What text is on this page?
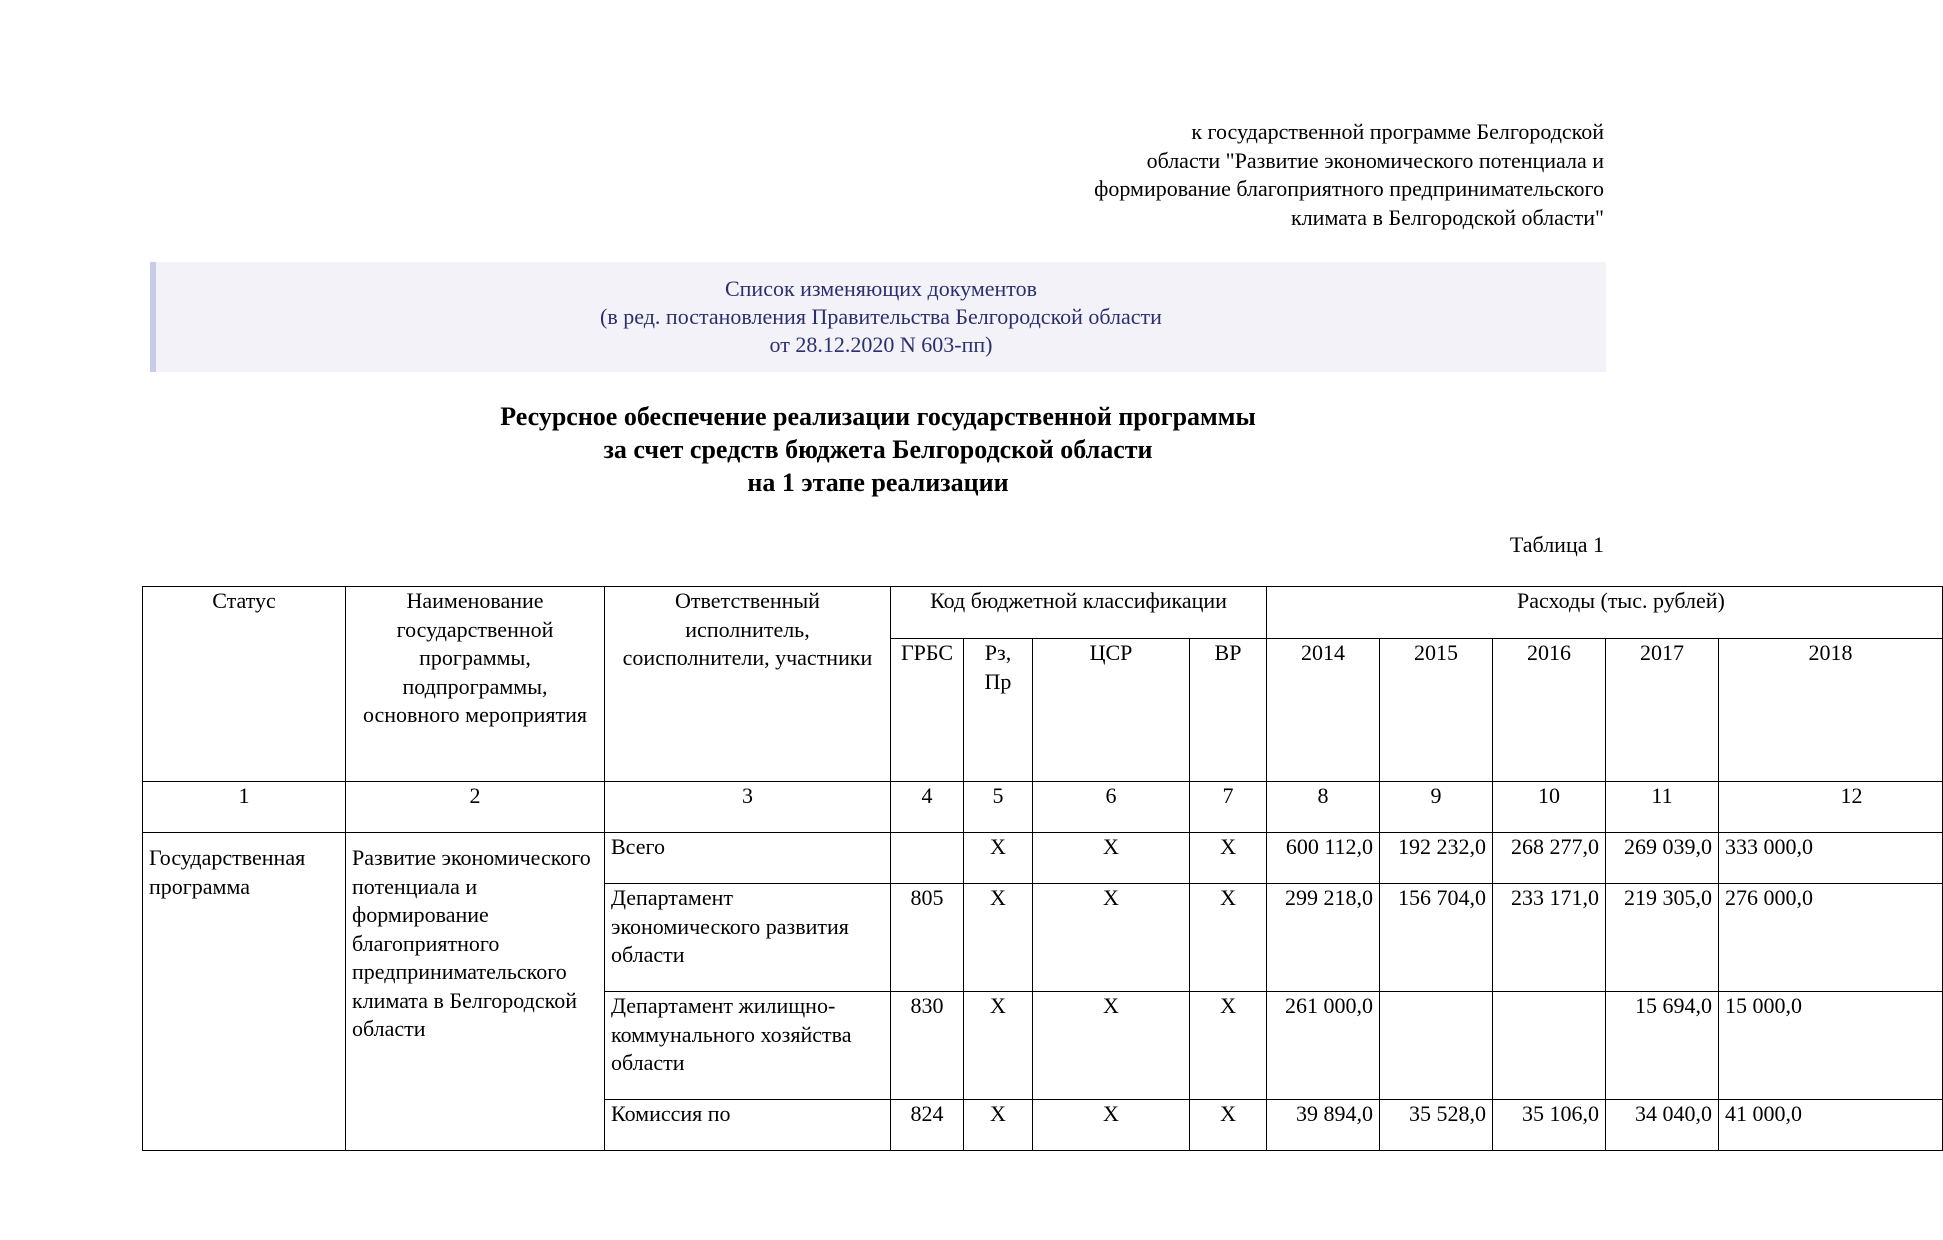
к государственной программе Белгородской
области "Развитие экономического потенциала и
формирование благоприятного предпринимательского
климата в Белгородской области"
Список изменяющих документов
(в ред. постановления Правительства Белгородской области
от 28.12.2020 N 603-пп)
Ресурсное обеспечение реализации государственной программы
за счет средств бюджета Белгородской области
на 1 этапе реализации
Таблица 1
Статус	Наименование государственной программы, подпрограммы, основного мероприятия	Ответственный исполнитель, соисполнители, участники	Код бюджетной классификации				Расходы (тыс. рублей)				
			ГРБС	Рз, Пр	ЦСР	ВР	2014	2015	2016	2017	2018
1	2	3	4	5	6	7	8	9	10	11	12
Государственная программа	Развитие экономического потенциала и формирование благоприятного предпринимательского климата в Белгородской области	Всего		Х	Х	Х	600 112,0	192 232,0	268 277,0	269 039,0	333 000,0
		Департамент экономического развития области	805	Х	Х	Х	299 218,0	156 704,0	233 171,0	219 305,0	276 000,0
		Департамент жилищно-коммунального хозяйства области	830	Х	Х	Х	261 000,0			15 694,0	15 000,0
		Комиссия по	824	Х	Х	Х	39 894,0	35 528,0	35 106,0	34 040,0	41 000,0
